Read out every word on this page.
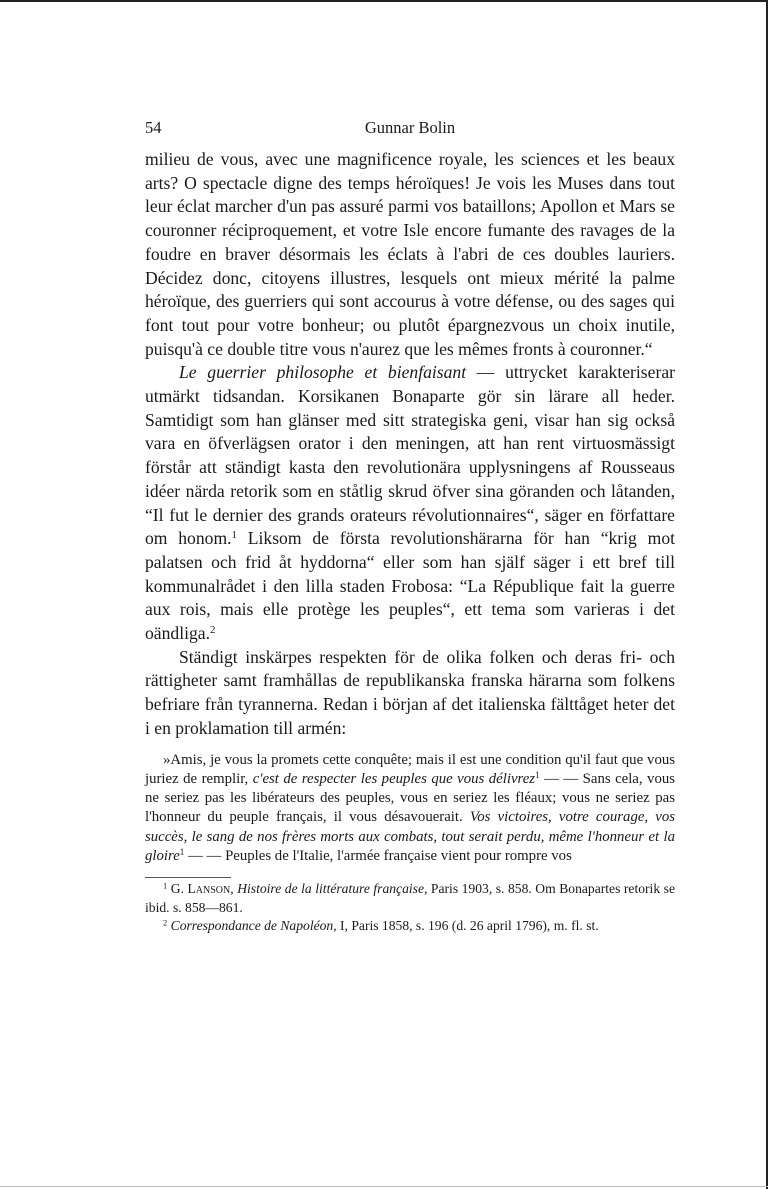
54	Gunnar Bolin

milieu de vous, avec une magnificence royale, les sciences et les beaux arts? O spectacle digne des temps héroïques! Je vois les Muses dans tout leur éclat marcher d'un pas assuré parmi vos bataillons; Apollon et Mars se couronner réciproquement, et votre Isle encore fumante des ravages de la foudre en braver désormais les éclats à l'abri de ces doubles lauriers. Décidez donc, citoyens illustres, lesquels ont mieux mérité la palme héroïque, des guerriers qui sont accourus à votre défense, ou des sages qui font tout pour votre bonheur; ou plutôt épargnezvous un choix inutile, puisqu'à ce double titre vous n'aurez que les mêmes fronts à couronner.“

Le guerrier philosophe et bienfaisant — uttrycket karakteriserar utmärkt tidsandan. Korsikanen Bonaparte gör sin lärare all heder. Samtidigt som han glänser med sitt strategiska geni, visar han sig också vara en öfverlägsen orator i den meningen, att han rent virtuosmässigt förstår att ständigt kasta den revolutionära upplysningens af Rousseaus idéer närda retorik som en ståtlig skrud öfver sina göranden och låtanden, “Il fut le dernier des grands orateurs révolutionnaires“, säger en författare om honom.$^1$ Liksom de första revolutionshärarna för han “krig mot palatsen och frid åt hyddorna“ eller som han själf säger i ett bref till kommunalrådet i den lilla staden Frobosa: “La République fait la guerre aux rois, mais elle protège les peuples“, ett tema som varieras i det oändliga.$^2$

Ständigt inskärpes respekten för de olika folken och deras fri- och rättigheter samt framhållas de republikanska franska härarna som folkens befriare från tyrannerna. Redan i början af det italienska fälttåget heter det i en proklamation till armén:

»Amis, je vous la promets cette conquête; mais il est une condition qu'il faut que vous juriez de remplir, c'est de respecter les peuples que vous délivrez$^1$ — — Sans cela, vous ne seriez pas les libérateurs des peuples, vous en seriez les fléaux; vous ne seriez pas l'honneur du peuple français, il vous désavouerait. Vos victoires, votre courage, vos succès, le sang de nos frères morts aux combats, tout serait perdu, même l'honneur et la gloire$^1$ — — Peuples de l'Italie, l'armée française vient pour rompre vos

$^1$ G. Lanson, Histoire de la littérature française, Paris 1903, s. 858. Om Bonapartes retorik se ibid. s. 858—861.

$^2$ Correspondance de Napoléon, I, Paris 1858, s. 196 (d. 26 april 1796), m. fl. st.
